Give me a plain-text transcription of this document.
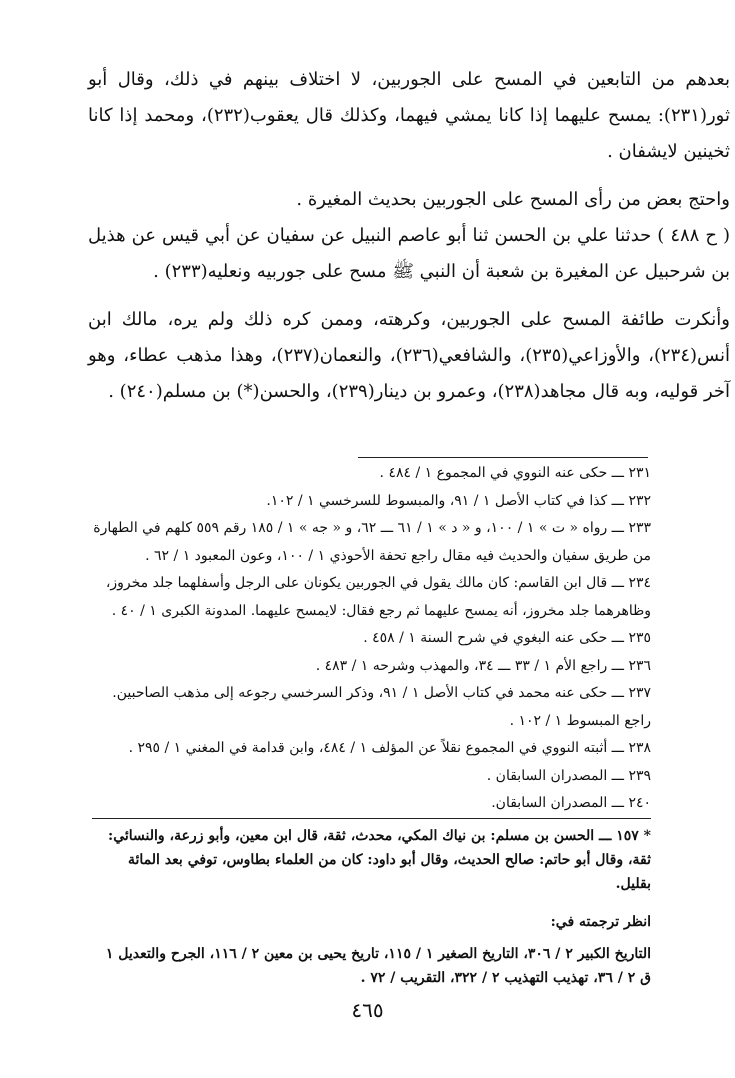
بعدهم من التابعين في المسح على الجوربين، لا اختلاف بينهم في ذلك، وقال أبو ثور(٢٣١): يمسح عليهما إذا كانا يمشي فيهما، وكذلك قال يعقوب(٢٣٢)، ومحمد إذا كانا ثخينين لايشفان .

واحتج بعض من رأى المسح على الجوربين بحديث المغيرة .

( ح ٤٨٨ ) حدثنا علي بن الحسن ثنا أبو عاصم النبيل عن سفيان عن أبي قيس عن هذيل بن شرحبيل عن المغيرة بن شعبة أن النبي ﷺ مسح على جوربيه ونعليه(٢٣٣) .

وأنكرت طائفة المسح على الجوربين، وكرهته، وممن كره ذلك ولم يره، مالك ابن أنس(٢٣٤)، والأوزاعي(٢٣٥)، والشافعي(٢٣٦)، والنعمان(٢٣٧)، وهذا مذهب عطاء، وهو آخر قوليه، وبه قال مجاهد(٢٣٨)، وعمرو بن دينار(٢٣٩)، والحسن(*) بن مسلم(٢٤٠) .

٢٣١ ـــ حكى عنه النووي في المجموع ١ / ٤٨٤ .

٢٣٢ ـــ كذا في كتاب الأصل ١ / ٩١، والمبسوط للسرخسي ١ / ١٠٢.

٢٣٣ ـــ رواه « ت » ١ / ١٠٠، و « د » ١ / ٦١ ـــ ٦٢، و « جه » ١ / ١٨٥ رقم ٥٥٩ كلهم في الطهارة من طريق سفيان والحديث فيه مقال راجع تحفة الأحوذي ١ / ١٠٠، وعون المعبود ١ / ٦٢ .

٢٣٤ ـــ قال ابن القاسم: كان مالك يقول في الجوربين يكونان على الرجل وأسفلهما جلد مخروز، وظاهرهما جلد مخروز، أنه يمسح عليهما ثم رجع فقال: لايمسح عليهما. المدونة الكبرى ١ / ٤٠ .

٢٣٥ ـــ حكى عنه البغوي في شرح السنة ١ / ٤٥٨ .

٢٣٦ ـــ راجع الأم ١ / ٣٣ ـــ ٣٤، والمهذب وشرحه ١ / ٤٨٣ .

٢٣٧ ـــ حكى عنه محمد في كتاب الأصل ١ / ٩١، وذكر السرخسي رجوعه إلى مذهب الصاحبين. راجع المبسوط ١ / ١٠٢ .

٢٣٨ ـــ أثبته النووي في المجموع نقلاً عن المؤلف ١ / ٤٨٤، وابن قدامة في المغني ١ / ٢٩٥ .

٢٣٩ ـــ المصدران السابقان .

٢٤٠ ـــ المصدران السابقان.

* ١٥٧ ـــ الحسن بن مسلم: بن نياك المكي، محدث، ثقة، قال ابن معين، وأبو زرعة، والنسائي: ثقة، وقال أبو حاتم: صالح الحديث، وقال أبو داود: كان من العلماء بطاوس، توفي بعد المائة بقليل.

انظر ترجمته في:

التاريخ الكبير ٢ / ٣٠٦، التاريخ الصغير ١ / ١١٥، تاريخ يحيى بن معين ٢ / ١١٦، الجرح والتعديل ١ ق ٢ / ٣٦، تهذيب التهذيب ٢ / ٣٢٢، التقريب / ٧٢ .

٤٦٥
